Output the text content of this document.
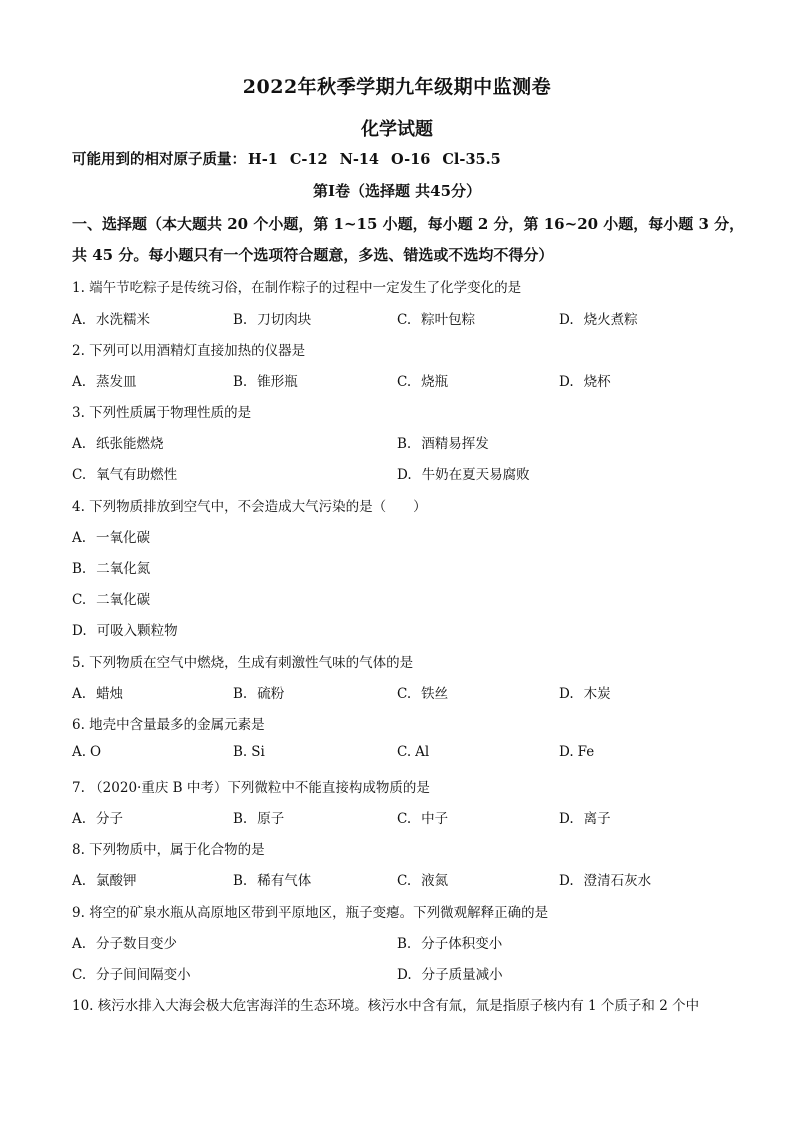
2022年秋季学期九年级期中监测卷
化学试题
可能用到的相对原子质量： H-1 C-12 N-14 O-16 Cl-35.5
第Ⅰ卷（选择题 共45分）
一、选择题（本大题共 20 个小题，第 1~15 小题，每小题 2 分，第 16~20 小题，每小题 3 分，
共 45 分。每小题只有一个选项符合题意，多选、错选或不选均不得分）
1. 端午节吃粽子是传统习俗，在制作粽子的过程中一定发生了化学变化的是
A. 水洗糯米	B. 刀切肉块	C. 粽叶包粽	D. 烧火煮粽
2. 下列可以用酒精灯直接加热的仪器是
A. 蒸发皿	B. 锥形瓶	C. 烧瓶	D. 烧杯
3. 下列性质属于物理性质的是
A. 纸张能燃烧	B. 酒精易挥发
C. 氧气有助燃性	D. 牛奶在夏天易腐败
4. 下列物质排放到空气中，不会造成大气污染的是（　　）
A. 一氧化碳
B. 二氧化氮
C. 二氧化碳
D. 可吸入颗粒物
5. 下列物质在空气中燃烧，生成有刺激性气味的气体的是
A. 蜡烛	B. 硫粉	C. 铁丝	D. 木炭
6. 地壳中含量最多的金属元素是
A. O	B. Si	C. Al	D. Fe
7. （2020·重庆 B 中考）下列微粒中不能直接构成物质的是
A. 分子	B. 原子	C. 中子	D. 离子
8. 下列物质中，属于化合物的是
A. 氯酸钾	B. 稀有气体	C. 液氮	D. 澄清石灰水
9. 将空的矿泉水瓶从高原地区带到平原地区，瓶子变瘪。下列微观解释正确的是
A. 分子数目变少	B. 分子体积变小
C. 分子间间隔变小	D. 分子质量减小
10. 核污水排入大海会极大危害海洋的生态环境。核污水中含有氚，氚是指原子核内有 1 个质子和 2 个中
